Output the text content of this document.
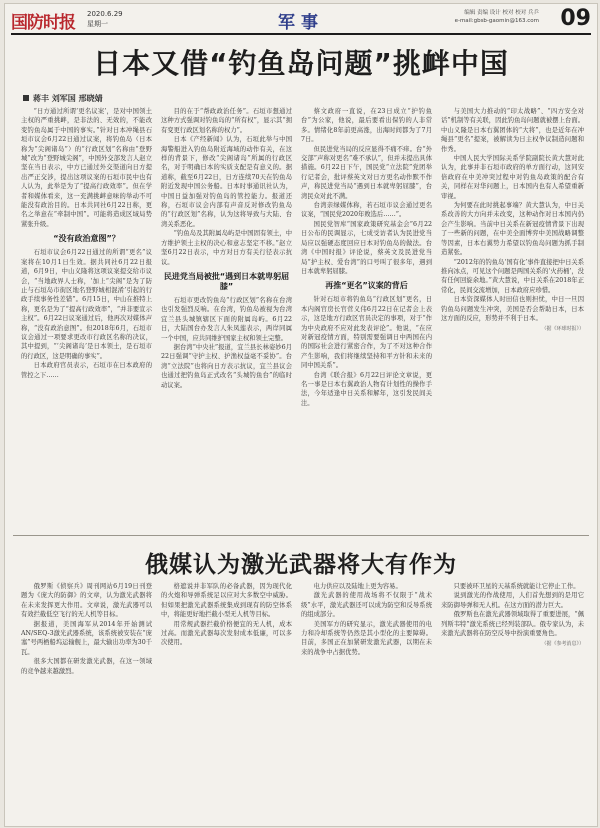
国防时报 2020.6.29
星期一	军事	编辑 责编 设计 校对 校对 兵乒
e-mail:gbsb-gaomin@163.com 09
日本又借“钓鱼岛问题”挑衅中国
蒋丰 刘军国 邢晓婧

“日方通过所谓‘更名议案’，是对中国领土主权的严重挑衅，是非法的、无效的，不能改变钓鱼岛属于中国的事实。”针对日本冲绳县石垣市议会6月22日通过议案，将钓鱼岛（日本称为“尖阁诸岛”）的“行政区划”名称由“登野城”改为“登野城尖阁”，中国外交部发言人赵立坚在当日表示，中方已通过外交渠道向日方提出严正交涉，提出这项议案的石垣市民中也有人认为，此举是为了“提高行政效率”。但在学者和媒体看来，这一充满挑衅意味的举动不可能没有政治目的。日本共同社6月22日称，更名之举意在“牵制中国”。可能将造成区域局势紧张升级。

“没有政治意图”？

石垣市议会6月22日通过的所谓“更名”议案将在10月1日生效。据共同社6月22日报道，6月9日，中山义隆将这项议案提交给市议会，“当地政界人士称，‘加上“尖阁”是为了防止与石垣岛市街区地名登野城相混淆’引起的行政手续事务性差错”。6月15日，中山在推特上称，更名是为了“提高行政效率”，“并非要宣示主权”。6月22日议案通过后，他再次对媒体声称，“没有政治意图”。但2018年6月，石垣市议会通过一项要求更改市行政区名称的决议，其中提到，“‘尖阁诸岛’是日本领土，是石垣市的行政区，这是明确的事实”。

日本政府官员表示，石垣市在日本政府的管控之下……

目的在于“帮政政治任务”。石垣市想通过这种方式强调对钓鱼岛的“所有权”，显示其“拥有变更行政区划名称的权力”。

日本《产经新闻》认为，石垣此举与中国海警船进入钓鱼岛附近海域的动作有关，在这样的背景下，修改“尖阁诸岛”所属的行政区名，对于明确日本的实质支配是有意义的。据道称，截至6月22日，日方连续70天在钓鱼岛附近发现中国公务船。日本时事通讯社认为，中国日益加强对钓鱼岛的管控能力。报道还称，石垣市议会内部有声音反对修改钓鱼岛的“行政区划”名称，认为这将导致与大陆、台湾关系恶化。

“钓鱼岛及其附属岛屿是中国固有领土，中方维护领土主权的决心和意志坚定不移。”赵立坚6月22日表示，中方对日方有关行径表示抗议。

民进党当局被批“遇到日本就卑躬屈膝”

石垣市更改钓鱼岛“行政区划”名称在台湾也引发强烈反响。在台湾，钓鱼岛被视为台湾宜兰县头城镇辖区下面的附属岛屿。6月22日，大陆国台办发言人朱凤莲表示，两岸同属一个中国，应共同维护国家主权和领土完整。

据台湾“中央社”报道，宜兰县长林姿妙6月22日强调“守护主权、护渔权益毫不妥协”。台湾“立法院”也将向日方表示抗议，宜兰县议会也通过把钓鱼岛正式改名“头城钓鱼台”的临时动议案。

蔡文政府一直说，在23日成立“护钓鱼台”为公家，他说，最后要看出保钓的人非常多。情绪化8年前更高涨，出海时间都为了7月7日。

但民进党当局的反应显得不痛不痒。台“外交部”声称对更名“难不承认”，但并未提出具体措施。6月22日下午，国民党“立法院”党团举行记者会，批评蔡英文对日方更名动作默不作声，称民进党当局“遇到日本就卑躬屈膝”，台湾民众对此不满。

台湾亲绿媒体称，若石垣市议会通过更名议案，“国民党2020年败选后……”。

国民党智库“国家政策研究基金会”6月22日公布的民调显示，七成受访者认为民进党当局应以强硬态度回应日本对钓鱼岛的做法。台湾《中国时报》评论说，蔡英文及民进党当局“护主权、爱台湾”的口号叫了很多年，遇到日本就卑躬屈膝。

再推“更名”议案的背后

针对石垣市将钓鱼岛“行政区划”更名，日本内阁官房长官菅义伟6月22日在记者会上表示，这是地方行政区官员决定的事项，对于“作为中央政府不应对此发表评论”。他说，“在应对新冠疫情方面，特别需要强调日中两国在内的国际社会进行紧密合作，为了不对这种合作产生影响，我们将继续坚持和平方针和未来的同中国关系”。

台湾《联合报》6月22日评论文章说，更名一事是日本右翼政治人物有计划性的操作手法，今年适逢中日关系和解年，这引发民间关注。

与美国大力推动的“印太战略”、“四方安全对话”机制等有关联，因此钓鱼岛问题就被摆上台面。中山义隆是日本右翼团体的“大将”，也是近年在冲绳县“更名”提案，被解读为日主权争议制造问题和作秀。

中国人民大学国际关系学院副院长黄大慧对此认为，此事并非石垣市政府的单方面行动，这同安倍政府在中美冲突过程中对钓鱼岛政策的配合有关，同样在对华问题上，日本国内也有人希望重新审视。

为何要在此时挑起事端？黄大慧认为，中日关系改善的大方向并未改变，这种动作对日本国内仍会产生影响。当前中日关系在新冠疫情背景下出现了一些新的问题，在中美全面博弈中美国战略调整等因素，日本右翼势力希望以钓鱼岛问题为抓手制造紧张。

“2012年的钓鱼岛‘国有化’事件直接把中日关系推向冰点，可见这个问题是两国关系的‘火药桶’，没有任何回旋余地。”黄大慧说，中日关系在2018年正常化，民间交流增加，日本政府应珍惜。

日本资深媒体人时田信也则担忧，中日一旦因钓鱼岛问题发生冲突，美国是否会帮助日本，日本这方面的反应，形势并不利于日本。

（据《环球时报》）
俄媒认为激光武器将大有作为

俄罗斯《侦察兵》周刊网站6月19日刊登题为《庞大的防御》的文章，认为激光武器将在未来发挥更大作用。文章说，激光武器可以有效拦截低空飞行的无人机等目标。

据报道，美国海军从2014年开始测试AN/SEQ-3激光武器系统，该系统被安装在“庞塞”号两栖船坞运输舰上，最大输出功率为30千瓦。

很多大国都在研发激光武器，在这一领域的竞争越来越激烈。

格遮说并非军队的必备武器，因为现代化的火炮和导弹系统足以应对大多数空中威胁。但如果把激光武器系统集成到现有的防空体系中，将能更好地拦截小型无人机等目标。

用常规武器拦截价格便宜的无人机，成本过高。而激光武器每次发射成本低廉，可以多次使用。

电力供应以及陆地上更为容易。

激光武器的使用战场将不仅限于“战术级”水平，激光武器还可以成为防空和反导系统的组成部分。

美国军方的研究显示，激光武器使用的电力和冷却系统等仍然是其小型化的主要障碍。目前，多国正在加紧研发激光武器，以期在未来的战争中占据优势。

只要被环卫星的天基系统就能让它停止工作。

说到激光的作战使用，人们首先想到的是用它来防御导弹和无人机。在这方面的潜力巨大。

俄罗斯也在激光武器领域取得了重要进展，“佩列斯韦特”激光系统已经列装部队。俄专家认为，未来激光武器将在防空反导中扮演重要角色。

（据《参考消息》）
